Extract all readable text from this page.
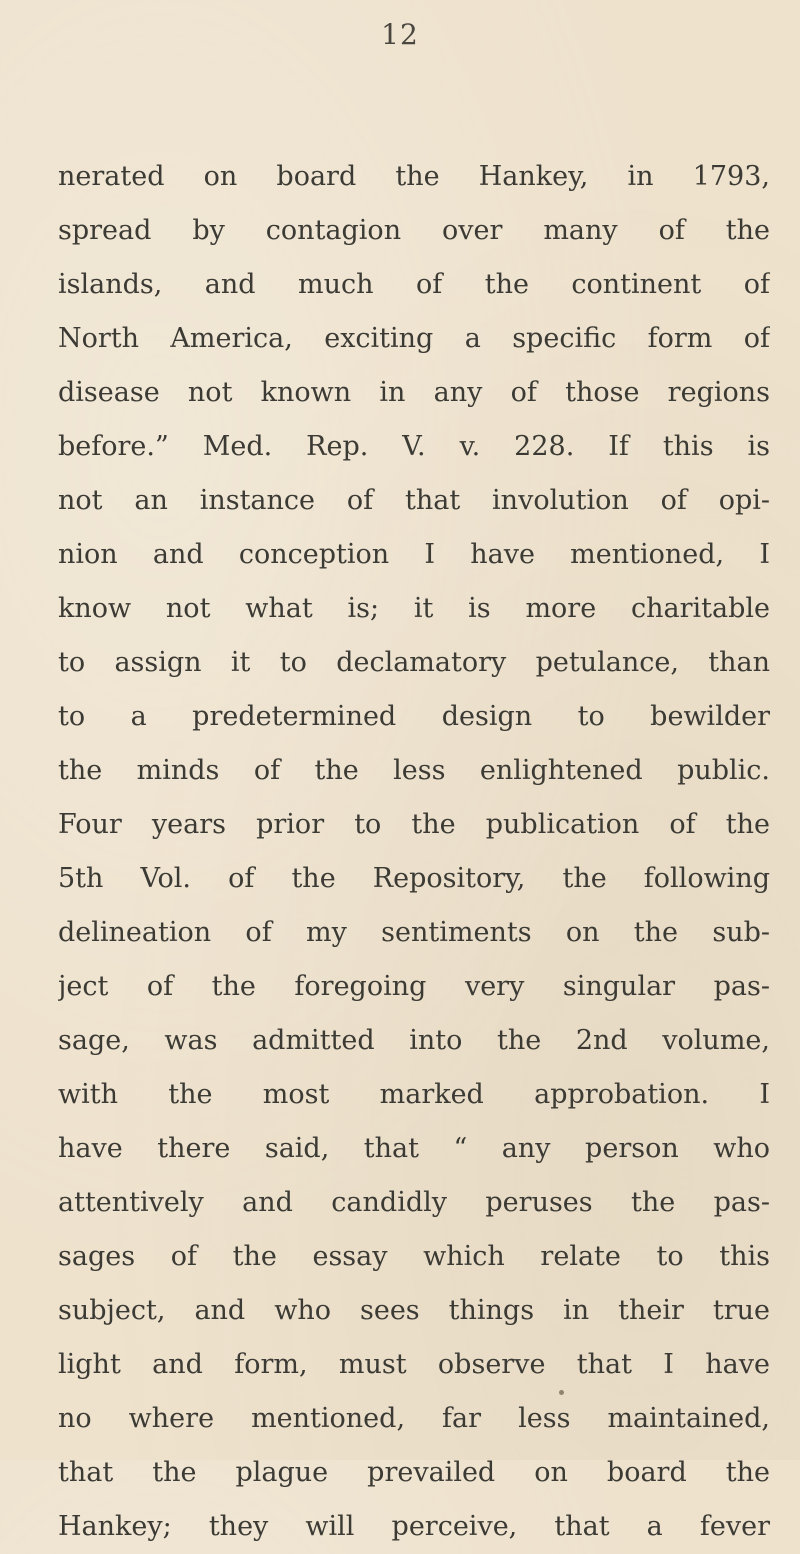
12
nerated on board the Hankey, in 1793,
spread by contagion over many of the
islands, and much of the continent of
North America, exciting a specific form of
disease not known in any of those regions
before.” Med. Rep. V. v. 228. If this is
not an instance of that involution of opi-
nion and conception I have mentioned, I
know not what is; it is more charitable
to assign it to declamatory petulance, than
to a predetermined design to bewilder
the minds of the less enlightened public.
Four years prior to the publication of the
5th Vol. of the Repository, the following
delineation of my sentiments on the sub-
ject of the foregoing very singular pas-
sage, was admitted into the 2nd volume,
with the most marked approbation. I
have there said, that “ any person who
attentively and candidly peruses the pas-
sages of the essay which relate to this
subject, and who sees things in their true
light and form, must observe that I have
no where mentioned, far less maintained,
that the plague prevailed on board the
Hankey; they will perceive, that a fever
